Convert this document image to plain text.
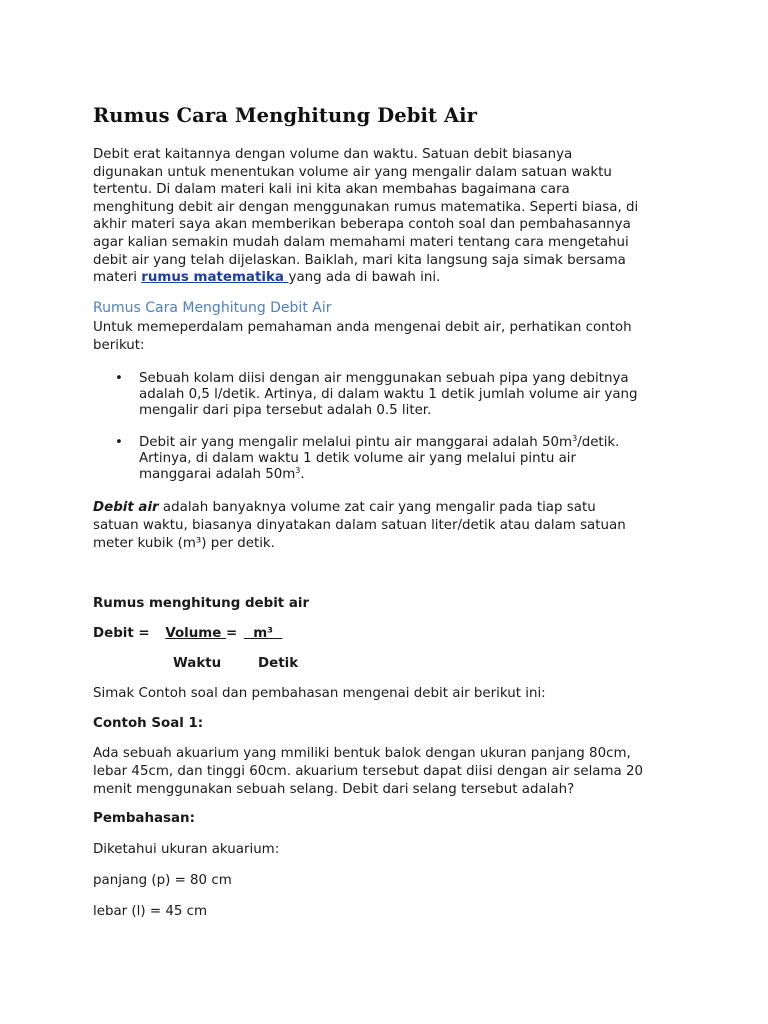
Rumus Cara Menghitung Debit Air
Debit erat kaitannya dengan volume dan waktu. Satuan debit biasanya
digunakan untuk menentukan volume air yang mengalir dalam satuan waktu
tertentu. Di dalam materi kali ini kita akan membahas bagaimana cara
menghitung debit air dengan menggunakan rumus matematika. Seperti biasa, di
akhir materi saya akan memberikan beberapa contoh soal dan pembahasannya
agar kalian semakin mudah dalam memahami materi tentang cara mengetahui
debit air yang telah dijelaskan. Baiklah, mari kita langsung saja simak bersama
materi rumus matematika yang ada di bawah ini.
Rumus Cara Menghitung Debit Air
Untuk memeperdalam pemahaman anda mengenai debit air, perhatikan contoh
berikut:
• Sebuah kolam diisi dengan air menggunakan sebuah pipa yang debitnya
adalah 0,5 l/detik. Artinya, di dalam waktu 1 detik jumlah volume air yang
mengalir dari pipa tersebut adalah 0.5 liter.
• Debit air yang mengalir melalui pintu air manggarai adalah $50m^3$/detik.
Artinya, di dalam waktu 1 detik volume air yang melalui pintu air
manggarai adalah $50m^3$.
Debit air adalah banyaknya volume zat cair yang mengalir pada tiap satu
satuan waktu, biasanya dinyatakan dalam satuan liter/detik atau dalam satuan
meter kubik (m³) per detik.
Rumus menghitung debit air
Debit = Volume =   m³
Waktu	Detik
Simak Contoh soal dan pembahasan mengenai debit air berikut ini:
Contoh Soal 1:
Ada sebuah akuarium yang mmiliki bentuk balok dengan ukuran panjang 80cm,
lebar 45cm, dan tinggi 60cm. akuarium tersebut dapat diisi dengan air selama 20
menit menggunakan sebuah selang. Debit dari selang tersebut adalah?
Pembahasan:
Diketahui ukuran akuarium:
panjang (p) = 80 cm
lebar (l) = 45 cm
